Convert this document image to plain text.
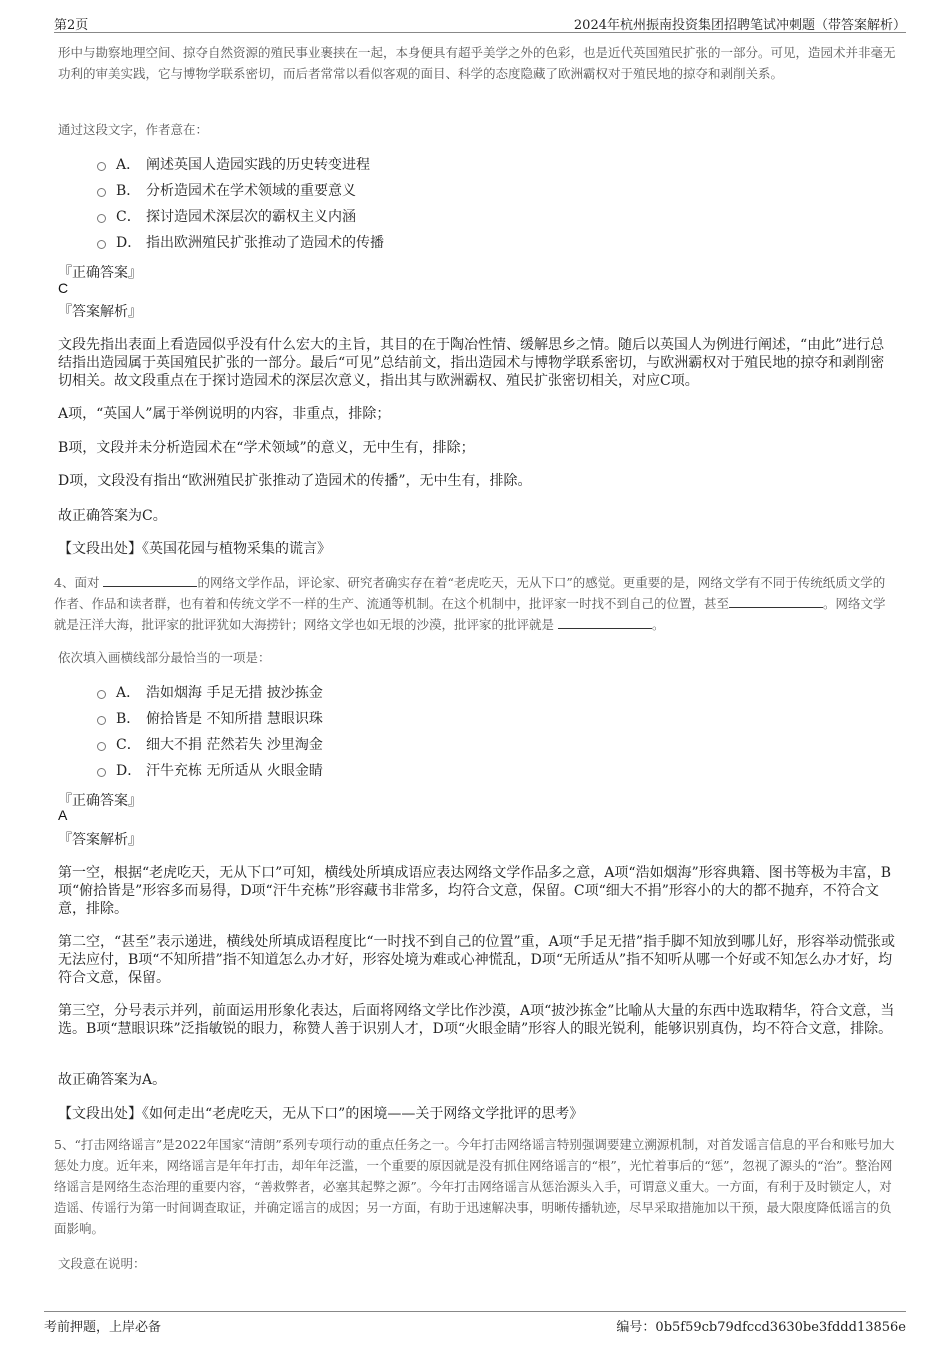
第2页	2024年杭州振南投资集团招聘笔试冲刺题（带答案解析）
形中与勘察地理空间、掠夺自然资源的殖民事业裹挟在一起，本身便具有超乎美学之外的色彩，也是近代英国殖民扩张的一部分。可见，造园术并非毫无功利的审美实践，它与博物学联系密切，而后者常常以看似客观的面目、科学的态度隐藏了欧洲霸权对于殖民地的掠夺和剥削关系。
通过这段文字，作者意在：
A． 阐述英国人造园实践的历史转变进程
B． 分析造园术在学术领域的重要意义
C． 探讨造园术深层次的霸权主义内涵
D． 指出欧洲殖民扩张推动了造园术的传播
『正确答案』
C
『答案解析』
文段先指出表面上看造园似乎没有什么宏大的主旨，其目的在于陶冶性情、缓解思乡之情。随后以英国人为例进行阐述，“由此”进行总结指出造园属于英国殖民扩张的一部分。最后“可见”总结前文，指出造园术与博物学联系密切，与欧洲霸权对于殖民地的掠夺和剥削密切相关。故文段重点在于探讨造园术的深层次意义，指出其与欧洲霸权、殖民扩张密切相关，对应C项。
A项，“英国人”属于举例说明的内容，非重点，排除；
B项，文段并未分析造园术在“学术领域”的意义，无中生有，排除；
D项，文段没有指出“欧洲殖民扩张推动了造园术的传播”，无中生有，排除。
故正确答案为C。
【文段出处】《英国花园与植物采集的谎言》
4、面对	的网络文学作品，评论家、研究者确实存在着“老虎吃天，无从下口”的感觉。更重要的是，网络文学有不同于传统纸质文学的作者、作品和读者群，也有着和传统文学不一样的生产、流通等机制。在这个机制中，批评家一时找不到自己的位置，甚至	。网络文学就是汪洋大海，批评家的批评犹如大海捞针；网络文学也如无垠的沙漠，批评家的批评就是	。
依次填入画横线部分最恰当的一项是：
A． 浩如烟海 手足无措 披沙拣金
B． 俯拾皆是 不知所措 慧眼识珠
C． 细大不捐 茫然若失 沙里淘金
D． 汗牛充栋 无所适从 火眼金睛
『正确答案』
A
『答案解析』
第一空，根据“老虎吃天，无从下口”可知，横线处所填成语应表达网络文学作品多之意，A项“浩如烟海”形容典籍、图书等极为丰富，B项“俯拾皆是”形容多而易得，D项“汗牛充栋”形容藏书非常多，均符合文意，保留。C项“细大不捐”形容小的大的都不抛弃，不符合文意，排除。
第二空，“甚至”表示递进，横线处所填成语程度比“一时找不到自己的位置”重，A项“手足无措”指手脚不知放到哪儿好，形容举动慌张或无法应付，B项“不知所措”指不知道怎么办才好，形容处境为难或心神慌乱，D项“无所适从”指不知听从哪一个好或不知怎么办才好，均符合文意，保留。
第三空，分号表示并列，前面运用形象化表达，后面将网络文学比作沙漠，A项“披沙拣金”比喻从大量的东西中选取精华，符合文意，当选。B项“慧眼识珠”泛指敏锐的眼力，称赞人善于识别人才，D项“火眼金睛”形容人的眼光锐利，能够识别真伪，均不符合文意，排除。
故正确答案为A。
【文段出处】《如何走出“老虎吃天，无从下口”的困境——关于网络文学批评的思考》
5、“打击网络谣言”是2022年国家“清朗”系列专项行动的重点任务之一。今年打击网络谣言特别强调要建立溯源机制，对首发谣言信息的平台和账号加大惩处力度。近年来，网络谣言是年年打击，却年年泛滥，一个重要的原因就是没有抓住网络谣言的“根”，光忙着事后的“惩”，忽视了源头的“治”。整治网络谣言是网络生态治理的重要内容，“善救弊者，必塞其起弊之源”。今年打击网络谣言从惩治源头入手，可谓意义重大。一方面，有利于及时锁定人，对造谣、传谣行为第一时间调查取证，并确定谣言的成因；另一方面，有助于迅速解决事，明晰传播轨迹，尽早采取措施加以干预，最大限度降低谣言的负面影响。
文段意在说明：
考前押题，上岸必备	编号：0b5f59cb79dfccd3630be3fddd13856e
